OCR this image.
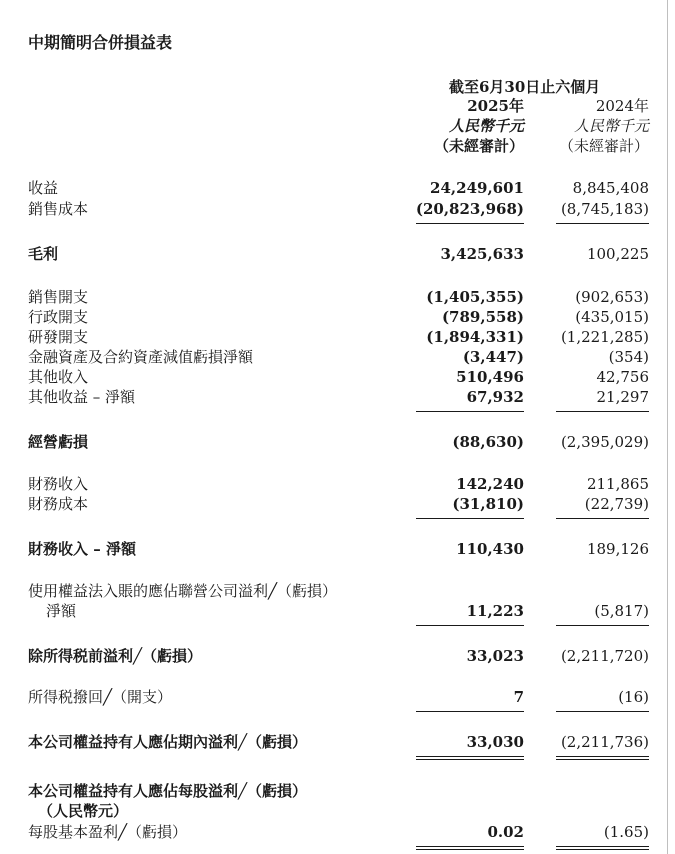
中期簡明合併損益表
截至6月30日止六個月
2025年	2024年
人民幣千元	人民幣千元
（未經審計） （未經審計）
收益	24,249,601	8,845,408
銷售成本	(20,823,968) (8,745,183)
毛利	3,425,633	100,225
銷售開支	(1,405,355)	(902,653)
行政開支	(789,558)	(435,015)
研發開支	(1,894,331) (1,221,285)
金融資產及合約資產減值虧損淨額	(3,447)	(354)
其他收入	510,496	42,756
其他收益 – 淨額	67,932	21,297
經營虧損	(88,630) (2,395,029)
財務收入	142,240	211,865
財務成本	(31,810)	(22,739)
財務收入 – 淨額	110,430	189,126
使用權益法入賬的應佔聯營公司溢利╱（虧損）
淨額	11,223	(5,817)
除所得税前溢利╱（虧損）	33,023 (2,211,720)
所得税撥回╱（開支）	7	(16)
本公司權益持有人應佔期內溢利╱（虧損）	33,030 (2,211,736)
本公司權益持有人應佔每股溢利╱（虧損）
（人民幣元）
每股基本盈利╱（虧損）	0.02	(1.65)
